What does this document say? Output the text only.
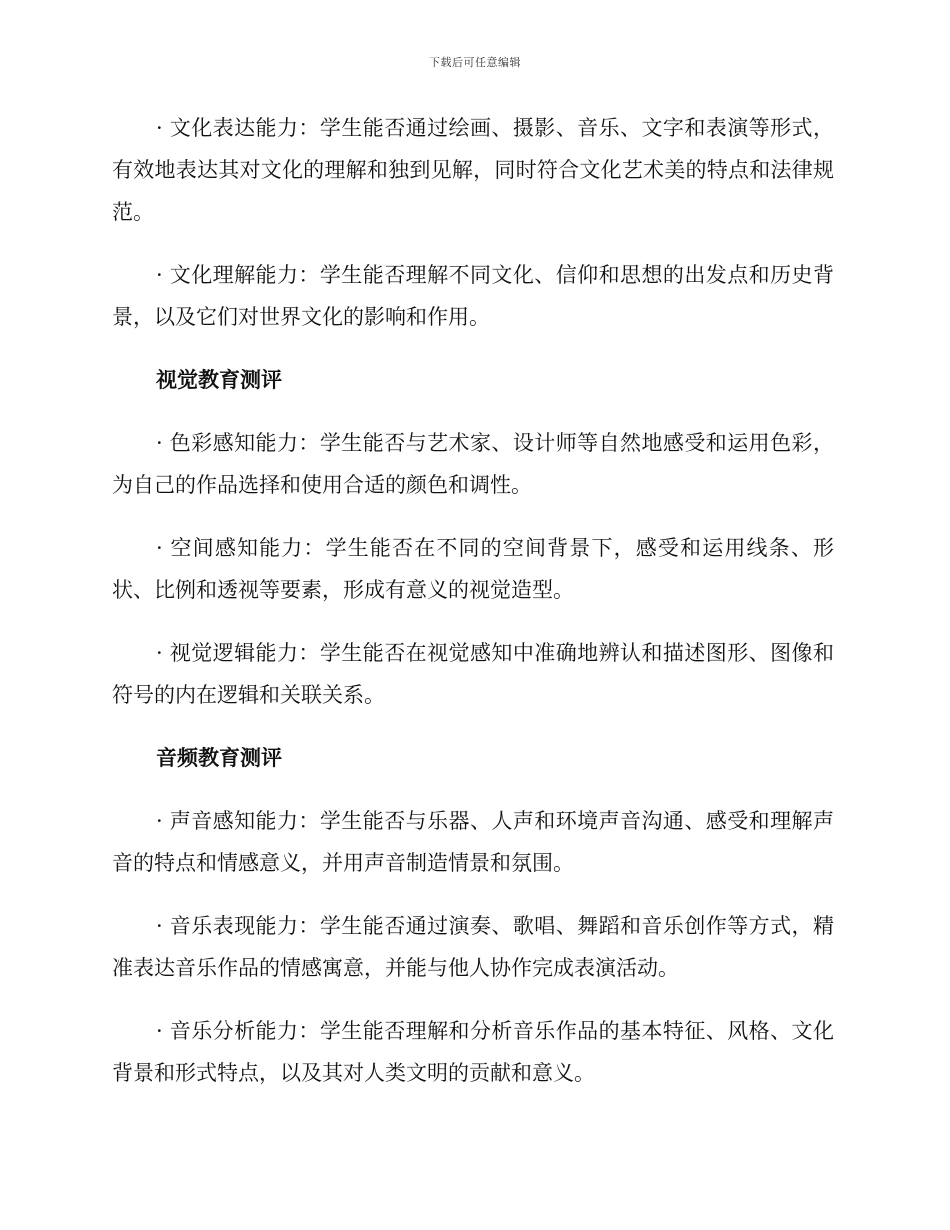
下载后可任意编辑

· 文化表达能力：学生能否通过绘画、摄影、音乐、文字和表演等形式，有效地表达其对文化的理解和独到见解，同时符合文化艺术美的特点和法律规范。

· 文化理解能力：学生能否理解不同文化、信仰和思想的出发点和历史背景，以及它们对世界文化的影响和作用。

视觉教育测评

· 色彩感知能力：学生能否与艺术家、设计师等自然地感受和运用色彩，为自己的作品选择和使用合适的颜色和调性。

· 空间感知能力：学生能否在不同的空间背景下，感受和运用线条、形状、比例和透视等要素，形成有意义的视觉造型。

· 视觉逻辑能力：学生能否在视觉感知中准确地辨认和描述图形、图像和符号的内在逻辑和关联关系。

音频教育测评

· 声音感知能力：学生能否与乐器、人声和环境声音沟通、感受和理解声音的特点和情感意义，并用声音制造情景和氛围。

· 音乐表现能力：学生能否通过演奏、歌唱、舞蹈和音乐创作等方式，精准表达音乐作品的情感寓意，并能与他人协作完成表演活动。

· 音乐分析能力：学生能否理解和分析音乐作品的基本特征、风格、文化背景和形式特点，以及其对人类文明的贡献和意义。
